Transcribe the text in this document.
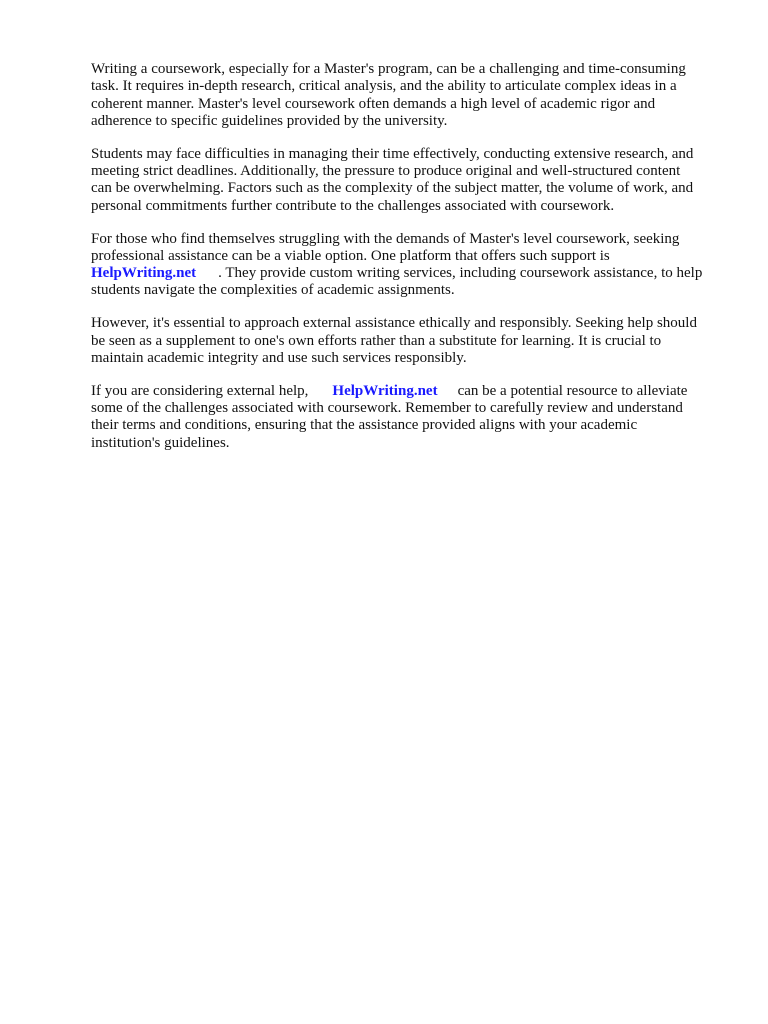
Writing a coursework, especially for a Master's program, can be a challenging and time-consuming
task. It requires in-depth research, critical analysis, and the ability to articulate complex ideas in a
coherent manner. Master's level coursework often demands a high level of academic rigor and
adherence to specific guidelines provided by the university.

Students may face difficulties in managing their time effectively, conducting extensive research, and
meeting strict deadlines. Additionally, the pressure to produce original and well-structured content
can be overwhelming. Factors such as the complexity of the subject matter, the volume of work, and
personal commitments further contribute to the challenges associated with coursework.

For those who find themselves struggling with the demands of Master's level coursework, seeking
professional assistance can be a viable option. One platform that offers such support is
HelpWriting.net . They provide custom writing services, including coursework assistance, to help
students navigate the complexities of academic assignments.

However, it's essential to approach external assistance ethically and responsibly. Seeking help should
be seen as a supplement to one's own efforts rather than a substitute for learning. It is crucial to
maintain academic integrity and use such services responsibly.

If you are considering external help, HelpWriting.net can be a potential resource to alleviate
some of the challenges associated with coursework. Remember to carefully review and understand
their terms and conditions, ensuring that the assistance provided aligns with your academic
institution's guidelines.
